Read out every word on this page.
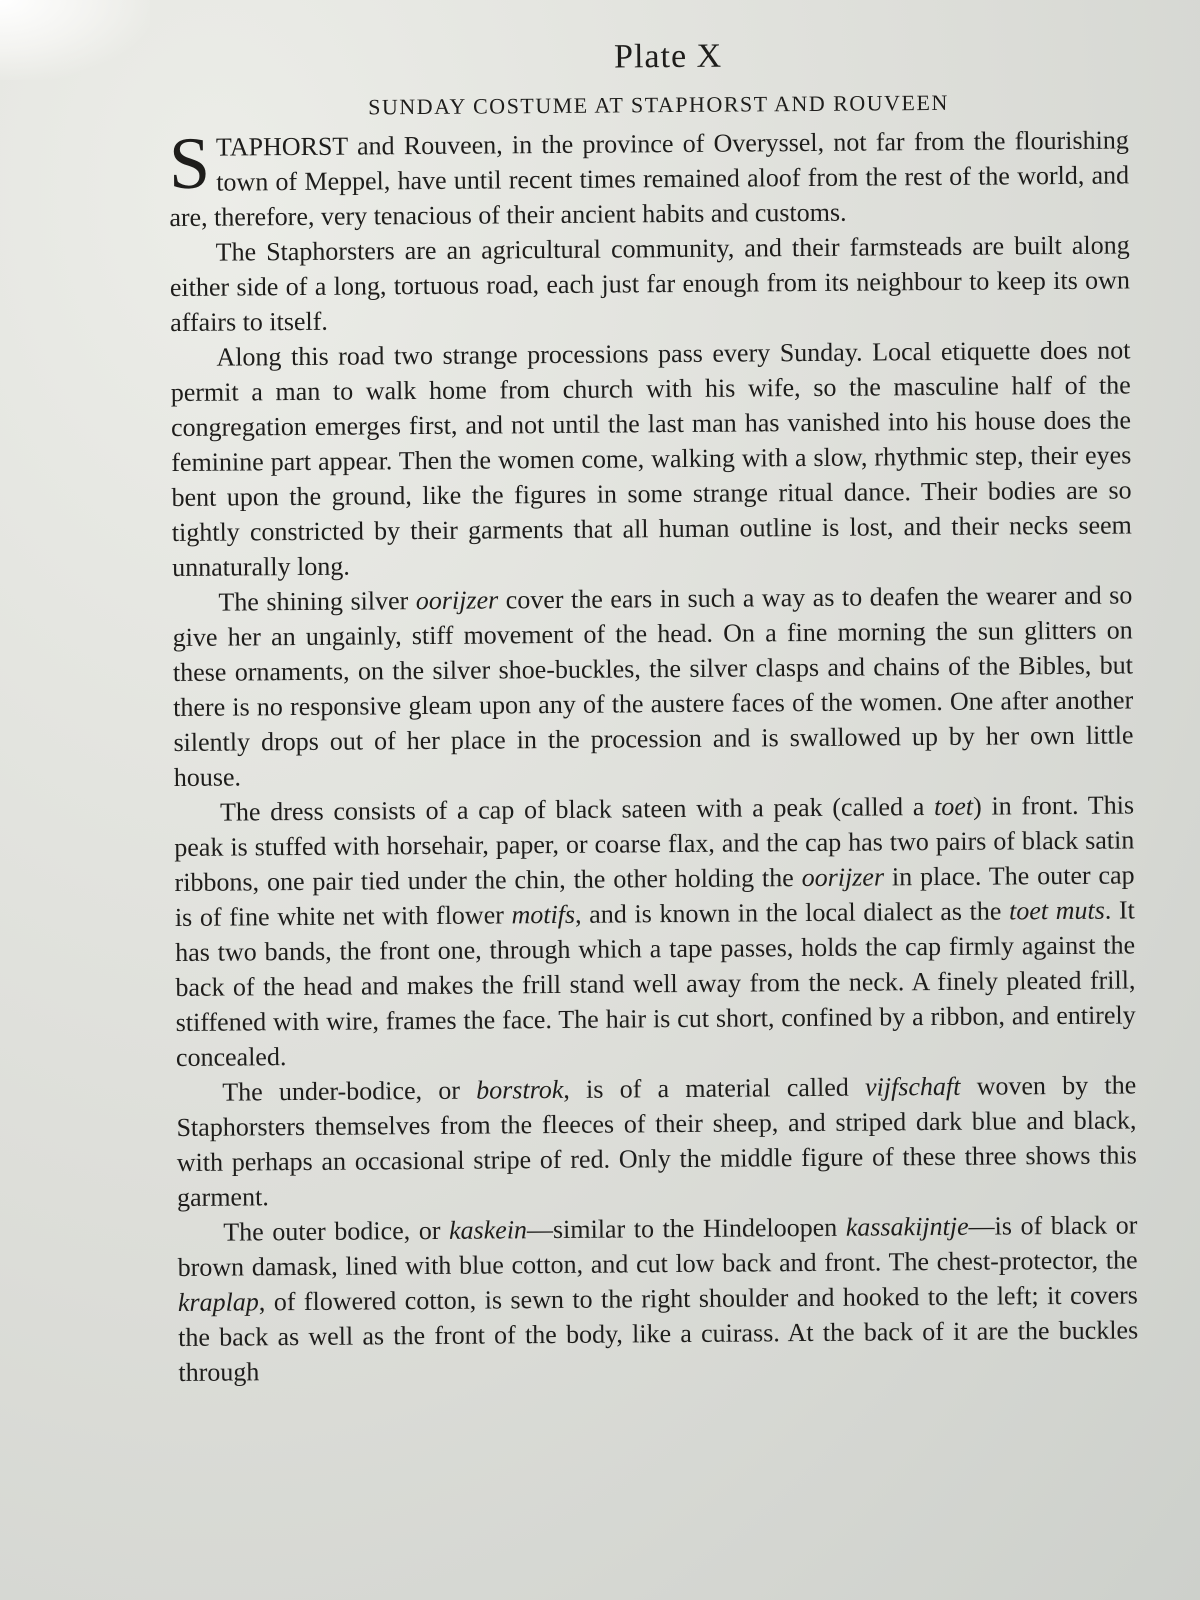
Plate X
SUNDAY COSTUME AT STAPHORST AND ROUVEEN

STAPHORST and Rouveen, in the province of Overyssel, not far from the flourishing town of Meppel, have until recent times remained aloof from the rest of the world, and are, therefore, very tenacious of their ancient habits and customs.

The Staphorsters are an agricultural community, and their farmsteads are built along either side of a long, tortuous road, each just far enough from its neighbour to keep its own affairs to itself.

Along this road two strange processions pass every Sunday. Local etiquette does not permit a man to walk home from church with his wife, so the masculine half of the congregation emerges first, and not until the last man has vanished into his house does the feminine part appear. Then the women come, walking with a slow, rhythmic step, their eyes bent upon the ground, like the figures in some strange ritual dance. Their bodies are so tightly constricted by their garments that all human outline is lost, and their necks seem unnaturally long.

The shining silver oorijzer cover the ears in such a way as to deafen the wearer and so give her an ungainly, stiff movement of the head. On a fine morning the sun glitters on these ornaments, on the silver shoe-buckles, the silver clasps and chains of the Bibles, but there is no responsive gleam upon any of the austere faces of the women. One after another silently drops out of her place in the procession and is swallowed up by her own little house.

The dress consists of a cap of black sateen with a peak (called a toet) in front. This peak is stuffed with horsehair, paper, or coarse flax, and the cap has two pairs of black satin ribbons, one pair tied under the chin, the other holding the oorijzer in place. The outer cap is of fine white net with flower motifs, and is known in the local dialect as the toet muts. It has two bands, the front one, through which a tape passes, holds the cap firmly against the back of the head and makes the frill stand well away from the neck. A finely pleated frill, stiffened with wire, frames the face. The hair is cut short, confined by a ribbon, and entirely concealed.

The under-bodice, or borstrok, is of a material called vijfschaft woven by the Staphorsters themselves from the fleeces of their sheep, and striped dark blue and black, with perhaps an occasional stripe of red. Only the middle figure of these three shows this garment.

The outer bodice, or kaskein—similar to the Hindeloopen kassakijntje—is of black or brown damask, lined with blue cotton, and cut low back and front. The chest-protector, the kraplap, of flowered cotton, is sewn to the right shoulder and hooked to the left; it covers the back as well as the front of the body, like a cuirass. At the back of it are the buckles through
